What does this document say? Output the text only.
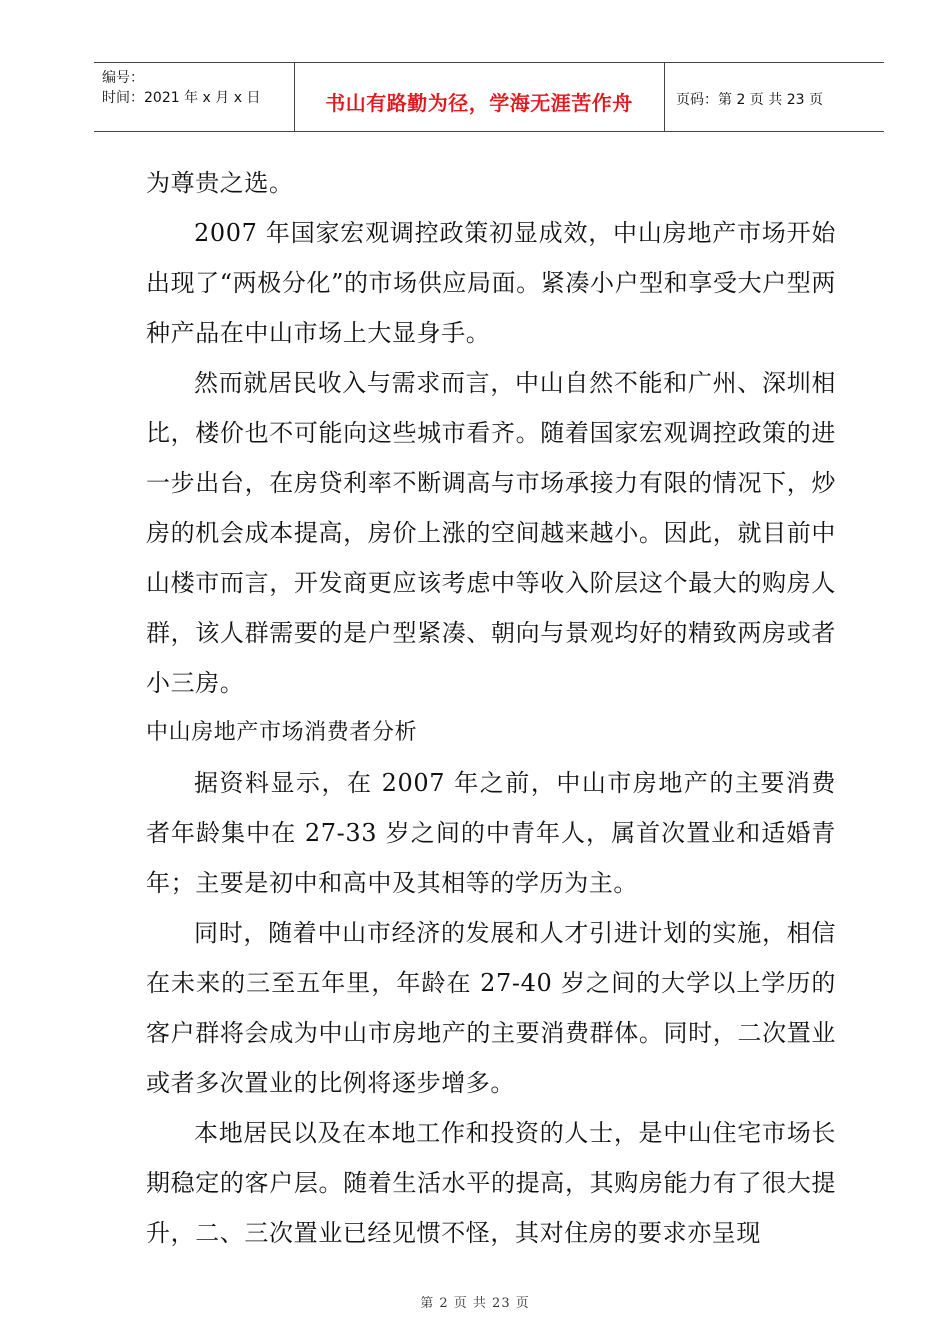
编号：
时间：2021 年 x 月 x 日	书山有路勤为径，学海无涯苦作舟	页码：第 2 页 共 23 页

为尊贵之选。

2007 年国家宏观调控政策初显成效，中山房地产市场开始出现了“两极分化”的市场供应局面。紧凑小户型和享受大户型两种产品在中山市场上大显身手。

然而就居民收入与需求而言，中山自然不能和广州、深圳相比，楼价也不可能向这些城市看齐。随着国家宏观调控政策的进一步出台，在房贷利率不断调高与市场承接力有限的情况下，炒房的机会成本提高，房价上涨的空间越来越小。因此，就目前中山楼市而言，开发商更应该考虑中等收入阶层这个最大的购房人群，该人群需要的是户型紧凑、朝向与景观均好的精致两房或者小三房。

中山房地产市场消费者分析

据资料显示，在 2007 年之前，中山市房地产的主要消费者年龄集中在 27-33 岁之间的中青年人，属首次置业和适婚青年；主要是初中和高中及其相等的学历为主。

同时，随着中山市经济的发展和人才引进计划的实施，相信在未来的三至五年里，年龄在 27-40 岁之间的大学以上学历的客户群将会成为中山市房地产的主要消费群体。同时，二次置业或者多次置业的比例将逐步增多。

本地居民以及在本地工作和投资的人士，是中山住宅市场长期稳定的客户层。随着生活水平的提高，其购房能力有了很大提升，二、三次置业已经见惯不怪，其对住房的要求亦呈现

第 2 页 共 23 页
